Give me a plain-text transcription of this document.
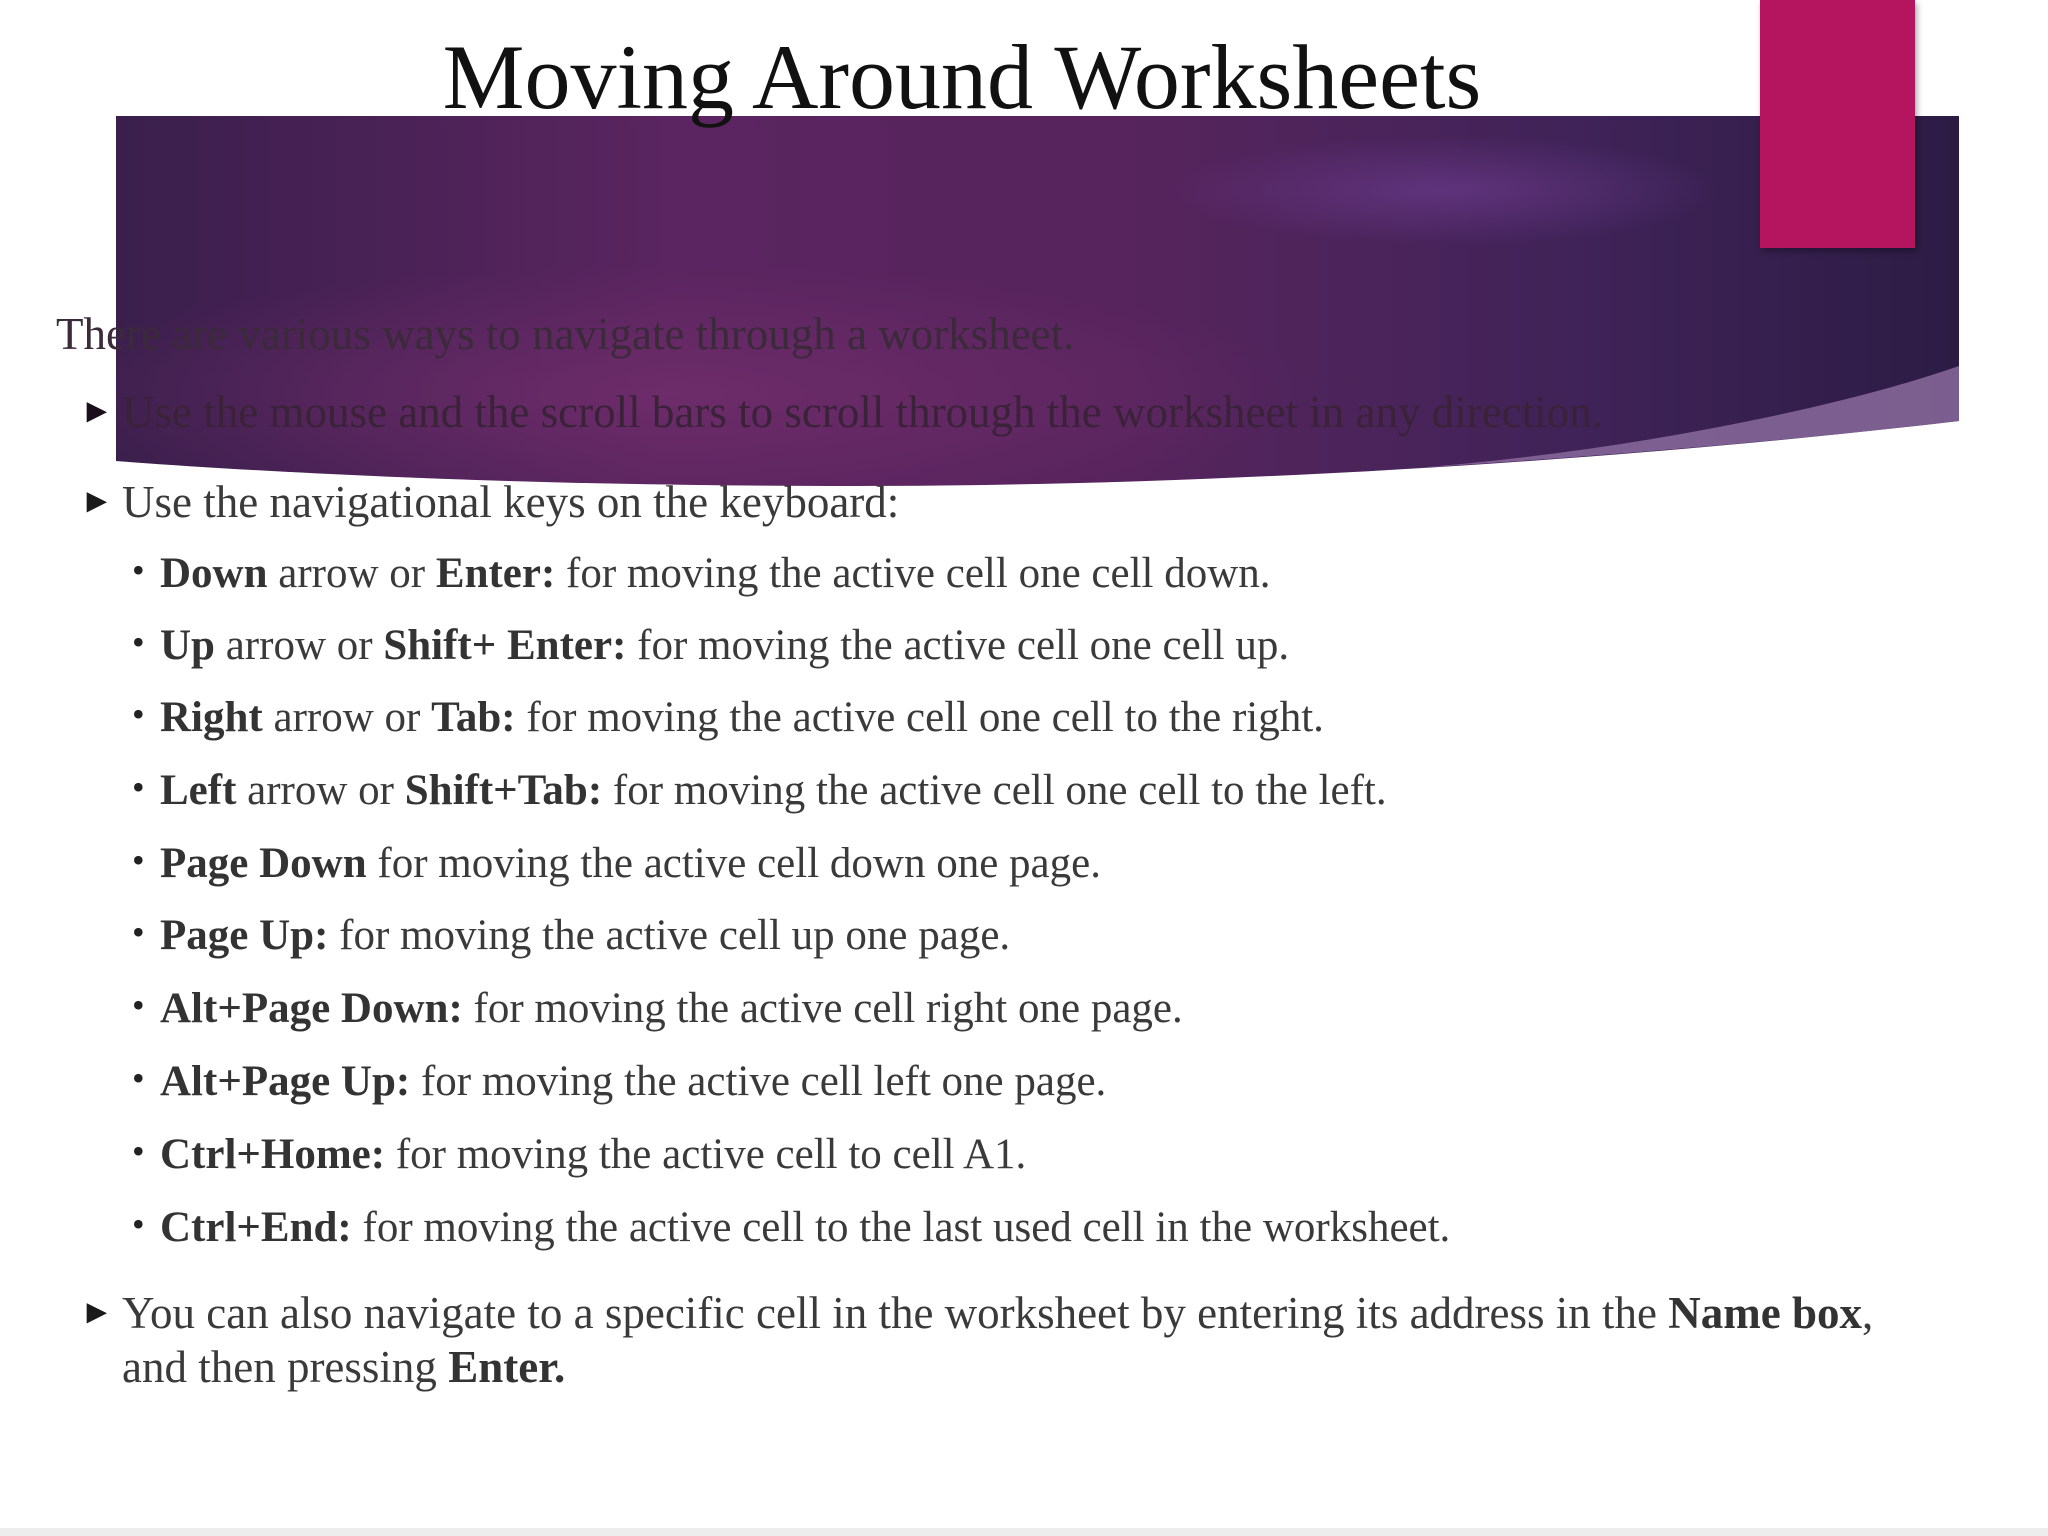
Moving Around Worksheets
There are various ways to navigate through a worksheet.
► Use the mouse and the scroll bars to scroll through the worksheet in any direction.
► Use the navigational keys on the keyboard:
• Down arrow or Enter: for moving the active cell one cell down.
• Up arrow or Shift+ Enter: for moving the active cell one cell up.
• Right arrow or Tab: for moving the active cell one cell to the right.
• Left arrow or Shift+Tab: for moving the active cell one cell to the left.
• Page Down for moving the active cell down one page.
• Page Up: for moving the active cell up one page.
• Alt+Page Down: for moving the active cell right one page.
• Alt+Page Up: for moving the active cell left one page.
• Ctrl+Home: for moving the active cell to cell A1.
• Ctrl+End: for moving the active cell to the last used cell in the worksheet.
► You can also navigate to a specific cell in the worksheet by entering its address in the Name box, and then pressing Enter.
